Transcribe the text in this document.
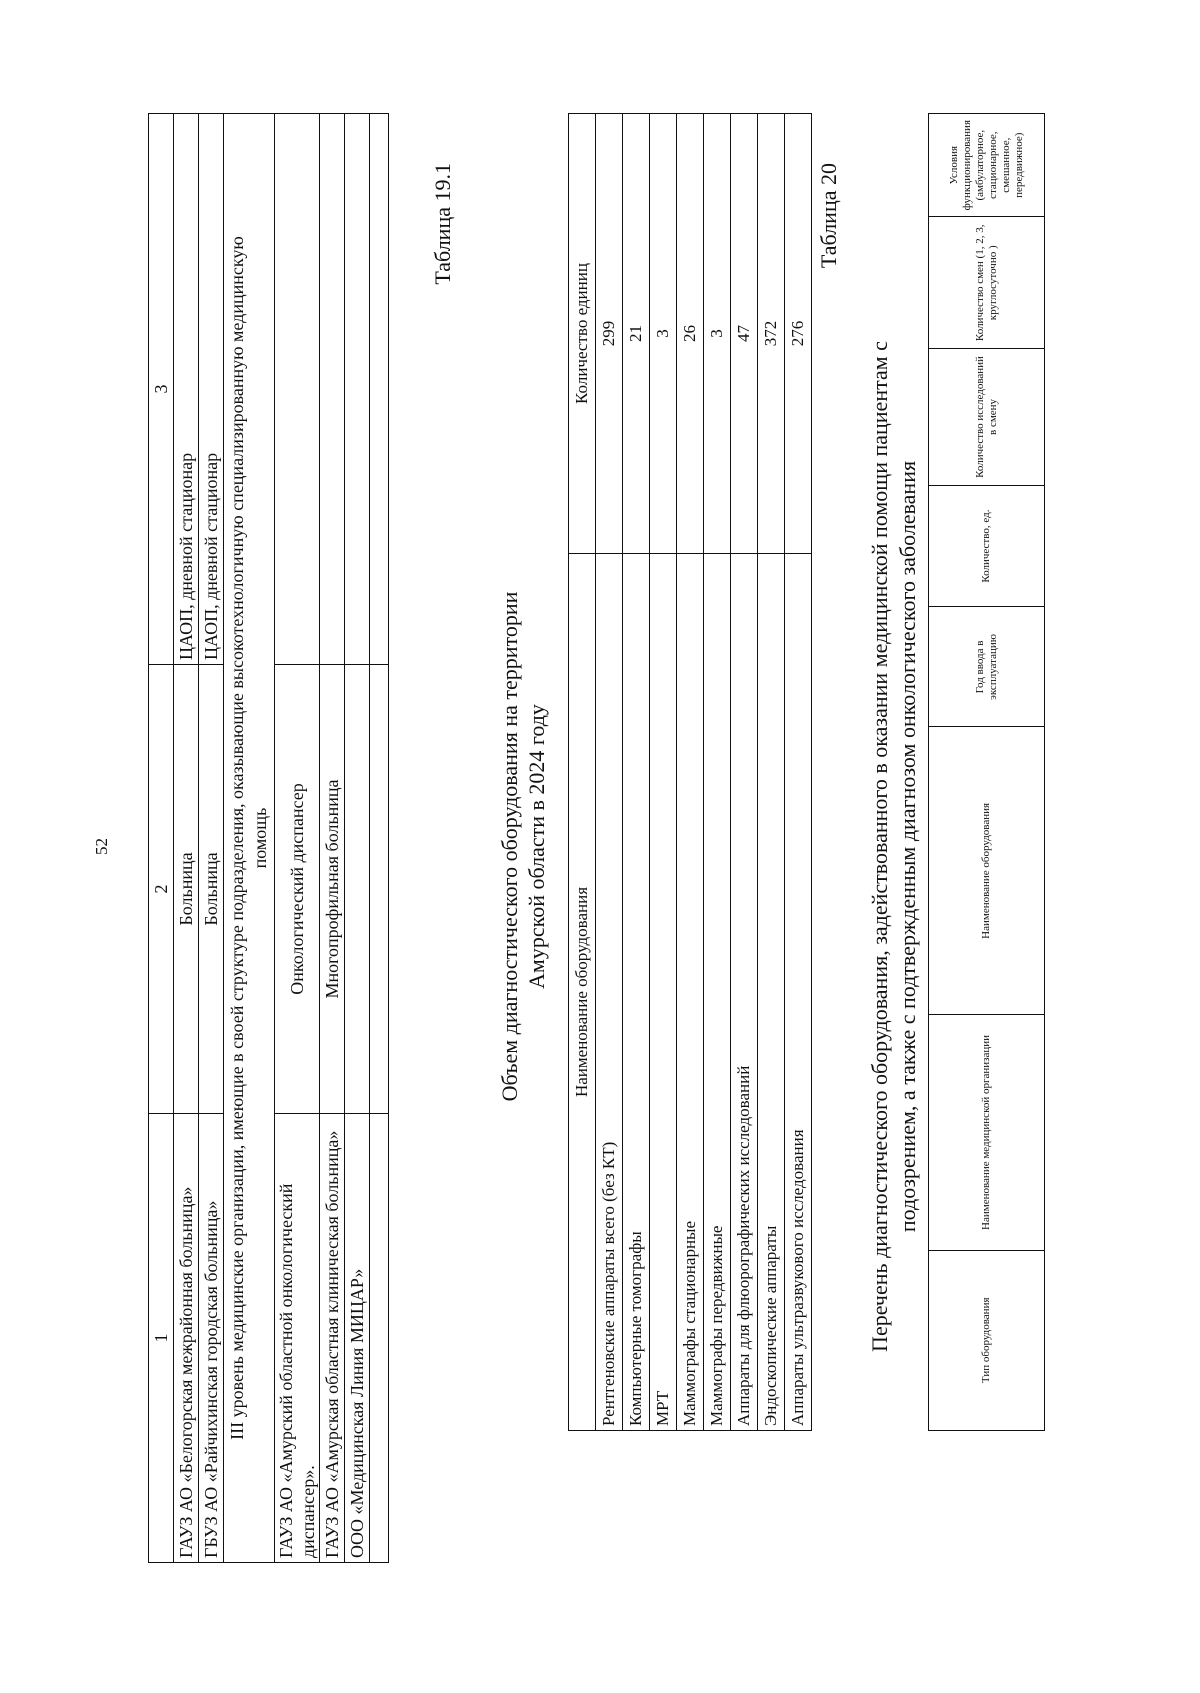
52
1	2	3
ГАУЗ АО «Белогорская межрайонная больница»	Больница	ЦАОП, дневной стационар
ГБУЗ АО «Райчихинская городская больница»	Больница	ЦАОП, дневной стационар
III уровень медицинские организации, имеющие в своей структуре подразделения, оказывающие высокотехнологичную специализированную медицинскую помощь		
ГАУЗ АО «Амурский областной онкологический диспансер».	Онкологический диспансер	
ГАУЗ АО «Амурская областная клиническая больница»	Многопрофильная больница	
ООО «Медицинская Линия МИЦАР»		

Таблица 19.1
Объем диагностического оборудования на территории Амурской области в 2024 году
Наименование оборудования	Количество единиц
Рентгеновские аппараты всего (без КТ)	299
Компьютерные томографы	21
МРТ	3
Маммографы стационарные	26
Маммографы передвижные	3
Аппараты для флюорографических исследований	47
Эндоскопические аппараты	372
Аппараты ультразвукового исследования	276
Таблица 20
Перечень диагностического оборудования, задействованного в оказании медицинской помощи пациентам с подозрением, а также с подтвержденным диагнозом онкологического заболевания
Тип оборудования	Наименование медицинской организации	Наименование оборудования	Год ввода в эксплуатацию	Количество, ед.	Количество исследований в смену	Количество смен (1, 2, 3, круглосуточно )	Условия функционирования (амбулаторное, стационарное, смешанное, передвижное)
